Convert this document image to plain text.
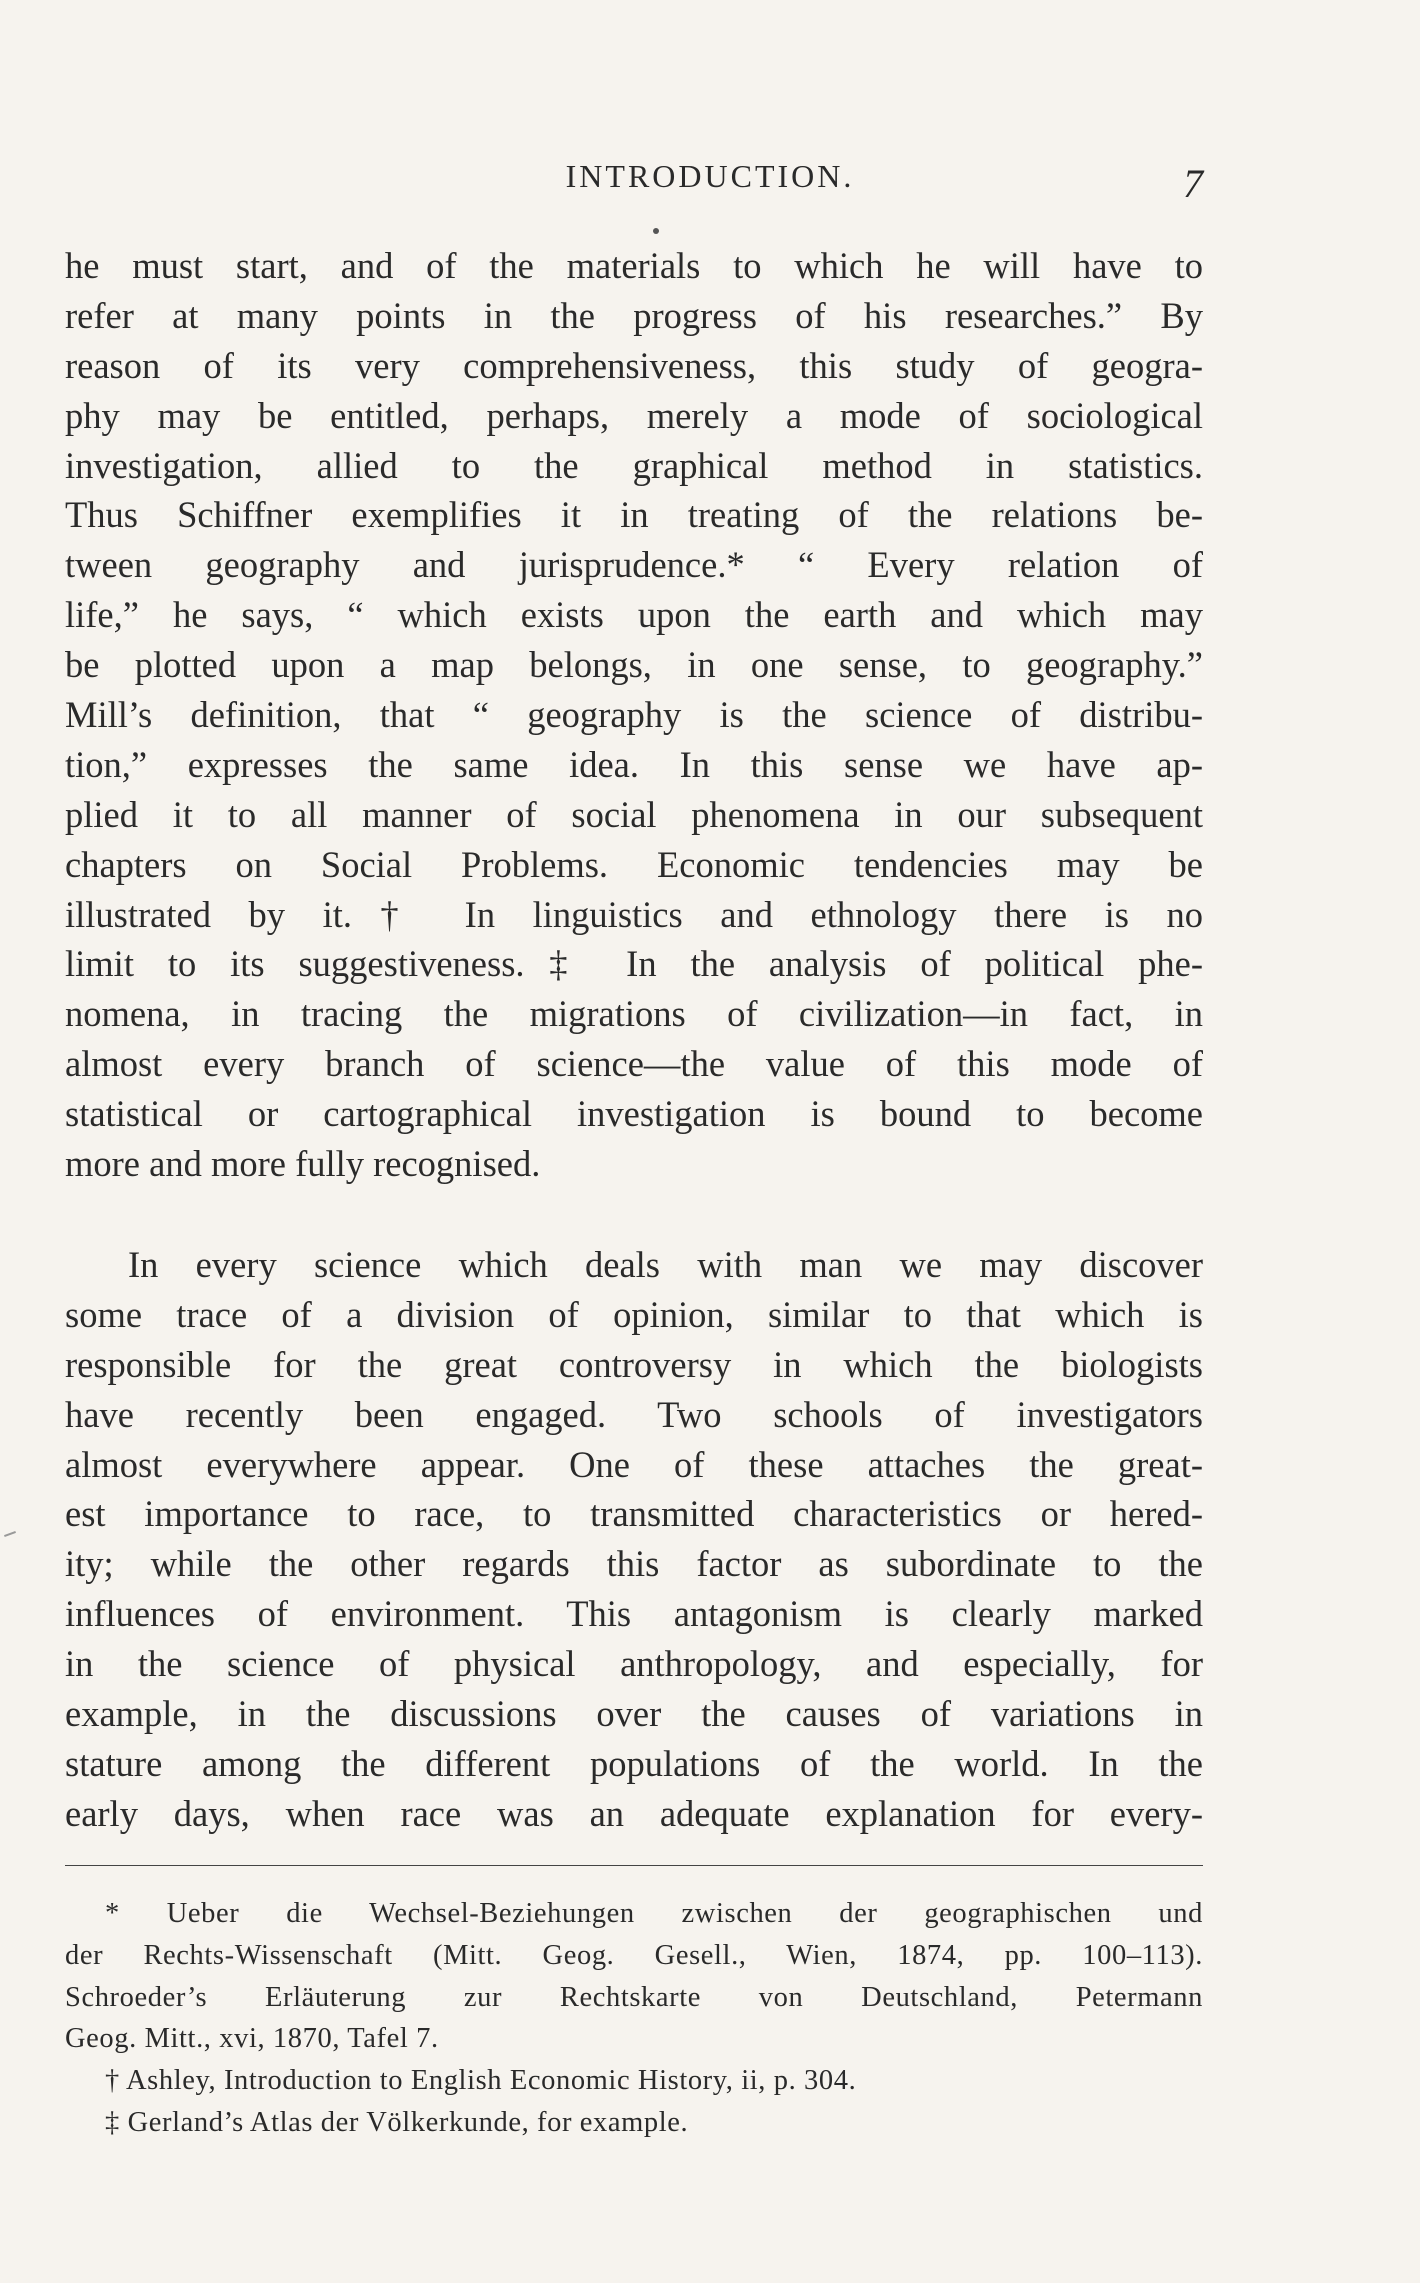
INTRODUCTION.	7
he must start, and of the materials to which he will have to
refer at many points in the progress of his researches.” By
reason of its very comprehensiveness, this study of geogra-
phy may be entitled, perhaps, merely a mode of sociological
investigation, allied to the graphical method in statistics.
Thus Schiffner exemplifies it in treating of the relations be-
tween geography and jurisprudence.* “ Every relation of
life,” he says, “ which exists upon the earth and which may
be plotted upon a map belongs, in one sense, to geography.”
Mill’s definition, that “ geography is the science of distribu-
tion,” expresses the same idea. In this sense we have ap-
plied it to all manner of social phenomena in our subsequent
chapters on Social Problems. Economic tendencies may be
illustrated by it.† In linguistics and ethnology there is no
limit to its suggestiveness.‡ In the analysis of political phe-
nomena, in tracing the migrations of civilization—in fact, in
almost every branch of science—the value of this mode of
statistical or cartographical investigation is bound to become
more and more fully recognised.
In every science which deals with man we may discover
some trace of a division of opinion, similar to that which is
responsible for the great controversy in which the biologists
have recently been engaged. Two schools of investigators
almost everywhere appear. One of these attaches the great-
est importance to race, to transmitted characteristics or hered-
ity; while the other regards this factor as subordinate to the
influences of environment. This antagonism is clearly marked
in the science of physical anthropology, and especially, for
example, in the discussions over the causes of variations in
stature among the different populations of the world. In the
early days, when race was an adequate explanation for every-
* Ueber die Wechsel-Beziehungen zwischen der geographischen und
der Rechts-Wissenschaft (Mitt. Geog. Gesell., Wien, 1874, pp. 100–113).
Schroeder’s Erläuterung zur Rechtskarte von Deutschland, Petermann
Geog. Mitt., xvi, 1870, Tafel 7.
† Ashley, Introduction to English Economic History, ii, p. 304.
‡ Gerland’s Atlas der Völkerkunde, for example.
